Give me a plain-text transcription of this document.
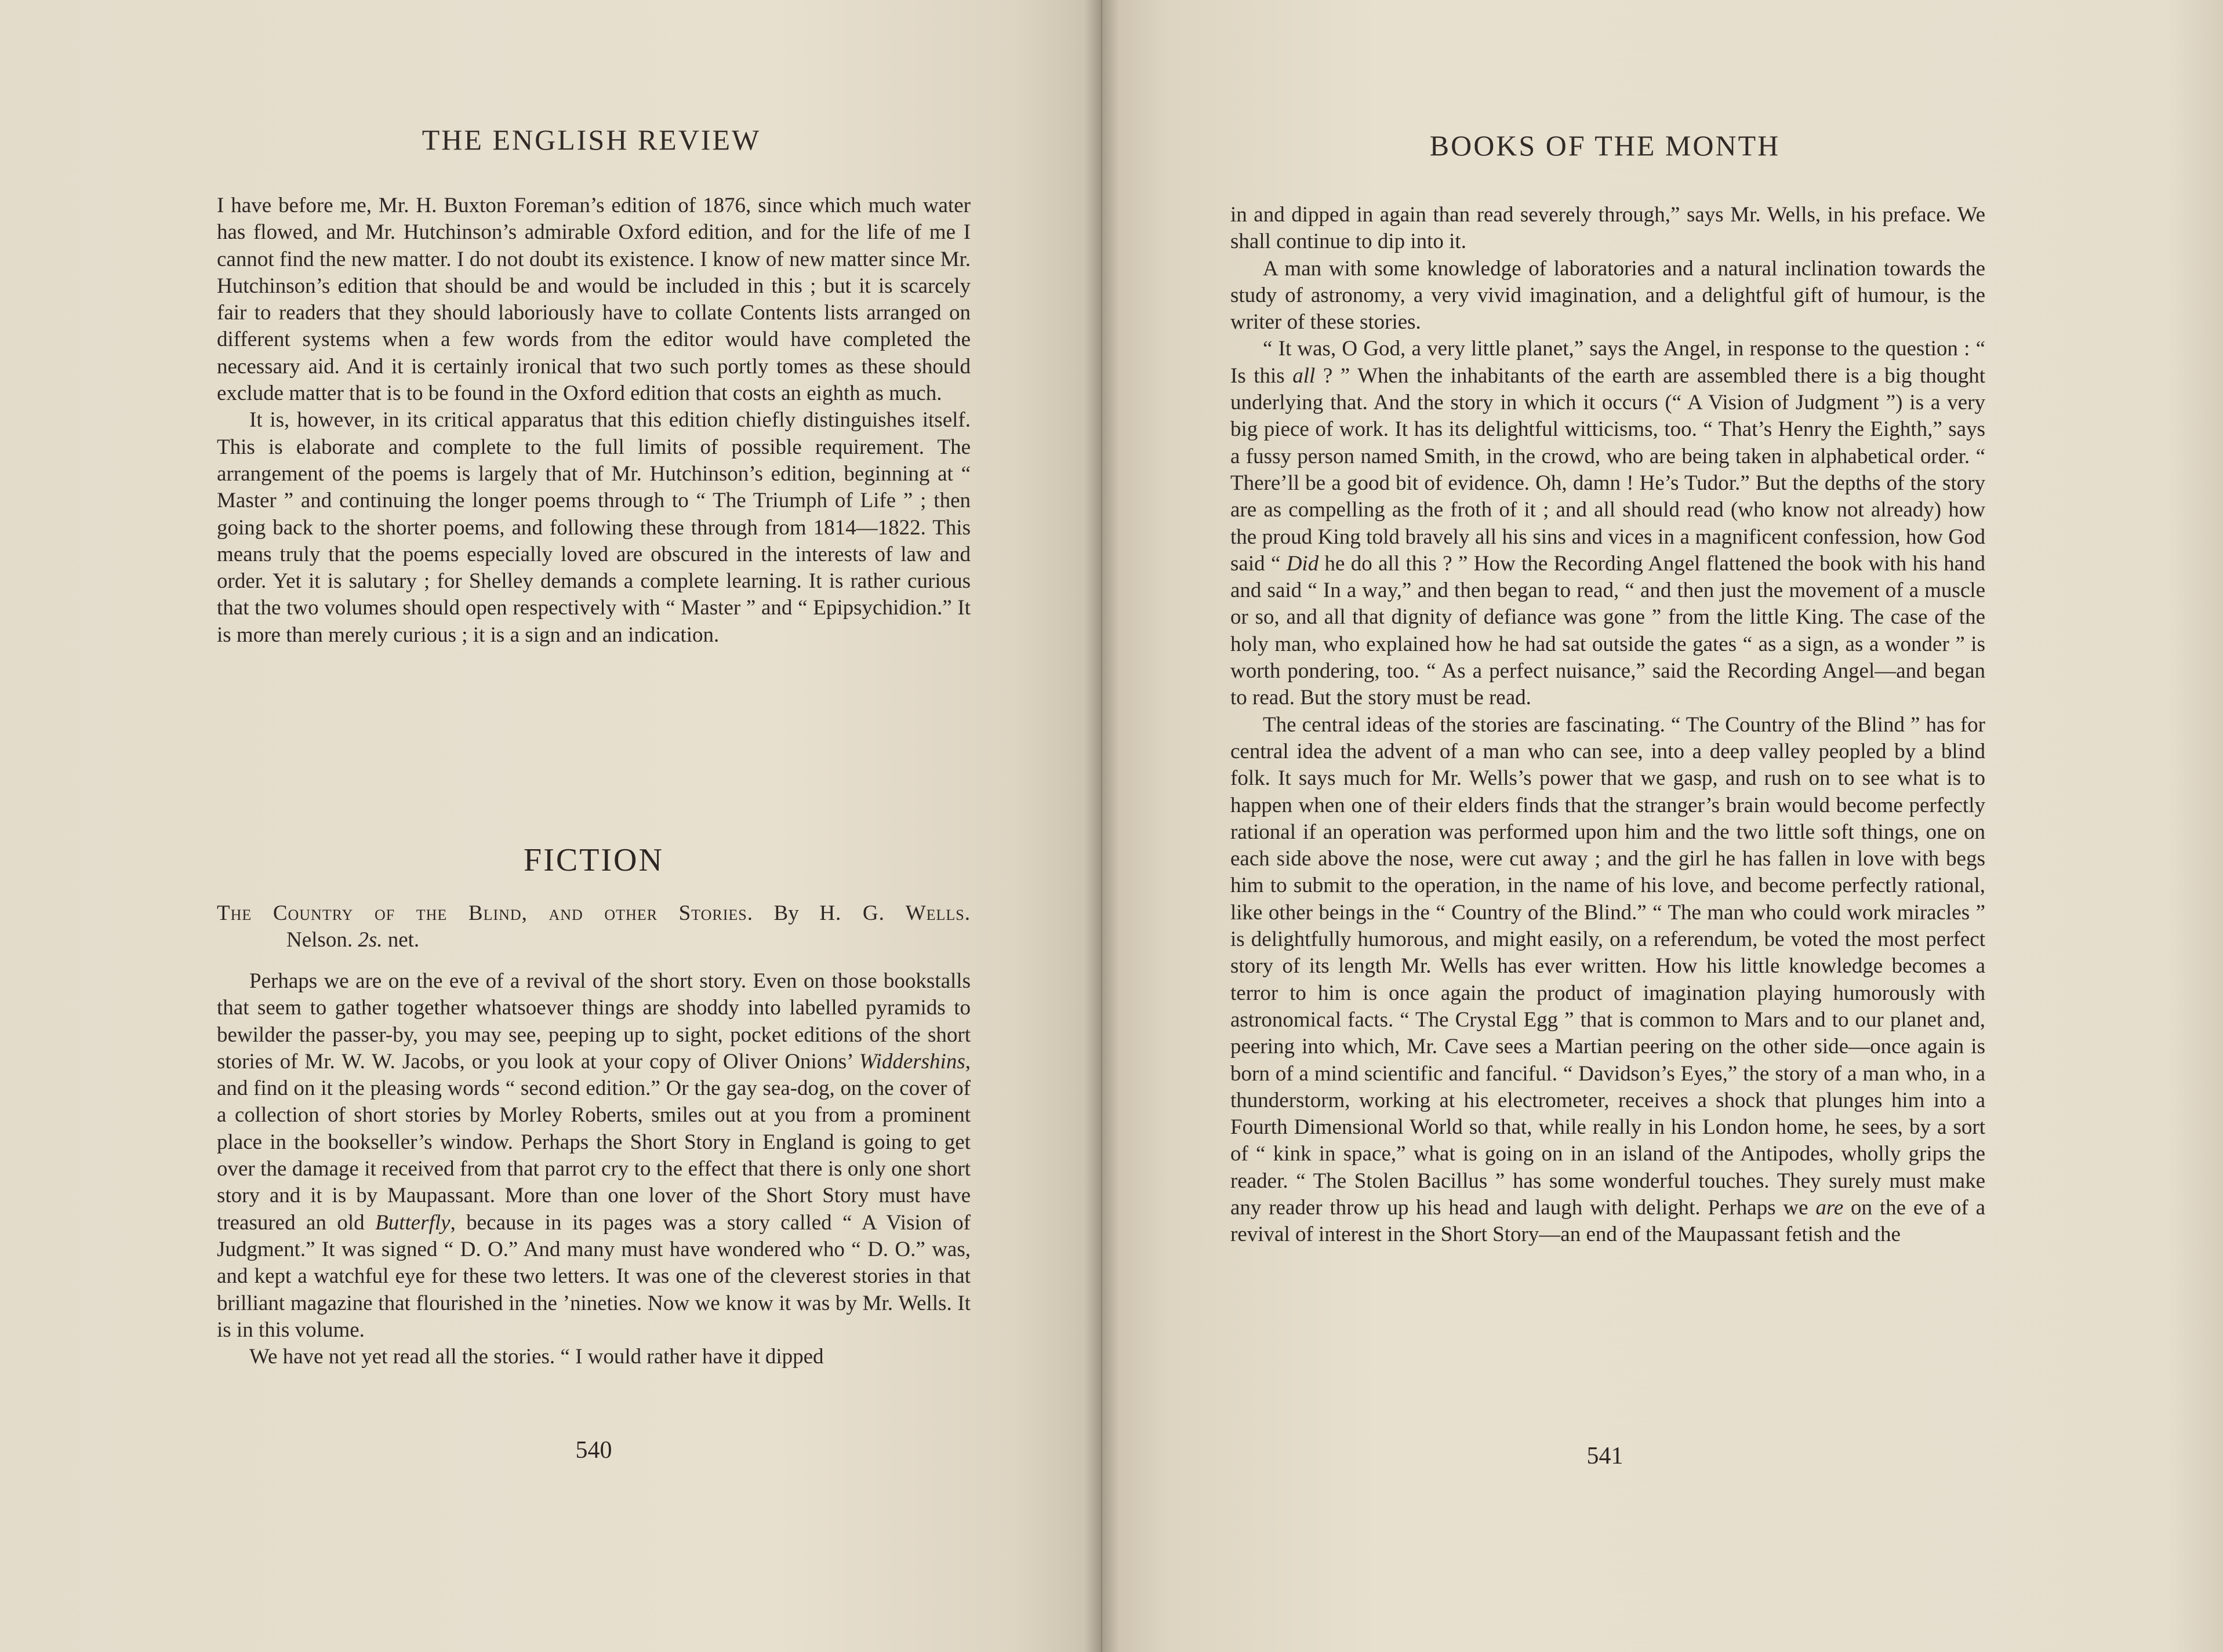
THE ENGLISH REVIEW

I have before me, Mr. H. Buxton Foreman’s edition of 1876, since which much water has flowed, and Mr. Hutchinson’s admirable Oxford edition, and for the life of me I cannot find the new matter. I do not doubt its existence. I know of new matter since Mr. Hutchinson’s edition that should be and would be included in this ; but it is scarcely fair to readers that they should laboriously have to collate Contents lists arranged on different systems when a few words from the editor would have completed the necessary aid. And it is certainly ironical that two such portly tomes as these should exclude matter that is to be found in the Oxford edition that costs an eighth as much.

It is, however, in its critical apparatus that this edition chiefly distinguishes itself. This is elaborate and complete to the full limits of possible requirement. The arrangement of the poems is largely that of Mr. Hutchinson’s edition, beginning at “ Master ” and continuing the longer poems through to “ The Triumph of Life ” ; then going back to the shorter poems, and following these through from 1814—1822. This means truly that the poems especially loved are obscured in the interests of law and order. Yet it is salutary ; for Shelley demands a complete learning. It is rather curious that the two volumes should open respectively with “ Master ” and “ Epipsychidion.” It is more than merely curious ; it is a sign and an indication.

FICTION
The Country of the Blind, and other Stories. By H. G. Wells.
Nelson. 2s. net.

Perhaps we are on the eve of a revival of the short story. Even on those bookstalls that seem to gather together whatsoever things are shoddy into labelled pyramids to bewilder the passer-by, you may see, peeping up to sight, pocket editions of the short stories of Mr. W. W. Jacobs, or you look at your copy of Oliver Onions’ Widdershins, and find on it the pleasing words “ second edition.” Or the gay sea-dog, on the cover of a collection of short stories by Morley Roberts, smiles out at you from a prominent place in the bookseller’s window. Perhaps the Short Story in England is going to get over the damage it received from that parrot cry to the effect that there is only one short story and it is by Maupassant. More than one lover of the Short Story must have treasured an old Butterfly, because in its pages was a story called “ A Vision of Judgment.” It was signed “ D. O.” And many must have wondered who “ D. O.” was, and kept a watchful eye for these two letters. It was one of the cleverest stories in that brilliant magazine that flourished in the ’nineties. Now we know it was by Mr. Wells. It is in this volume.

We have not yet read all the stories. “ I would rather have it dipped

540
BOOKS OF THE MONTH

in and dipped in again than read severely through,” says Mr. Wells, in his preface. We shall continue to dip into it.

A man with some knowledge of laboratories and a natural inclination towards the study of astronomy, a very vivid imagination, and a delightful gift of humour, is the writer of these stories.

“ It was, O God, a very little planet,” says the Angel, in response to the question : “ Is this all ? ” When the inhabitants of the earth are assembled there is a big thought underlying that. And the story in which it occurs (“ A Vision of Judgment ”) is a very big piece of work. It has its delightful witticisms, too. “ That’s Henry the Eighth,” says a fussy person named Smith, in the crowd, who are being taken in alphabetical order. “ There’ll be a good bit of evidence. Oh, damn ! He’s Tudor.” But the depths of the story are as compelling as the froth of it ; and all should read (who know not already) how the proud King told bravely all his sins and vices in a magnificent confession, how God said “ Did he do all this ? ” How the Recording Angel flattened the book with his hand and said “ In a way,” and then began to read, “ and then just the movement of a muscle or so, and all that dignity of defiance was gone ” from the little King. The case of the holy man, who explained how he had sat outside the gates “ as a sign, as a wonder ” is worth pondering, too. “ As a perfect nuisance,” said the Recording Angel—and began to read. But the story must be read.

The central ideas of the stories are fascinating. “ The Country of the Blind ” has for central idea the advent of a man who can see, into a deep valley peopled by a blind folk. It says much for Mr. Wells’s power that we gasp, and rush on to see what is to happen when one of their elders finds that the stranger’s brain would become perfectly rational if an operation was performed upon him and the two little soft things, one on each side above the nose, were cut away ; and the girl he has fallen in love with begs him to submit to the operation, in the name of his love, and become perfectly rational, like other beings in the “ Country of the Blind.” “ The man who could work miracles ” is delightfully humorous, and might easily, on a referendum, be voted the most perfect story of its length Mr. Wells has ever written. How his little knowledge becomes a terror to him is once again the product of imagination playing humorously with astronomical facts. “ The Crystal Egg ” that is common to Mars and to our planet and, peering into which, Mr. Cave sees a Martian peering on the other side—once again is born of a mind scientific and fanciful. “ Davidson’s Eyes,” the story of a man who, in a thunderstorm, working at his electrometer, receives a shock that plunges him into a Fourth Dimensional World so that, while really in his London home, he sees, by a sort of “ kink in space,” what is going on in an island of the Antipodes, wholly grips the reader. “ The Stolen Bacillus ” has some wonderful touches. They surely must make any reader throw up his head and laugh with delight. Perhaps we are on the eve of a revival of interest in the Short Story—an end of the Maupassant fetish and the

541
